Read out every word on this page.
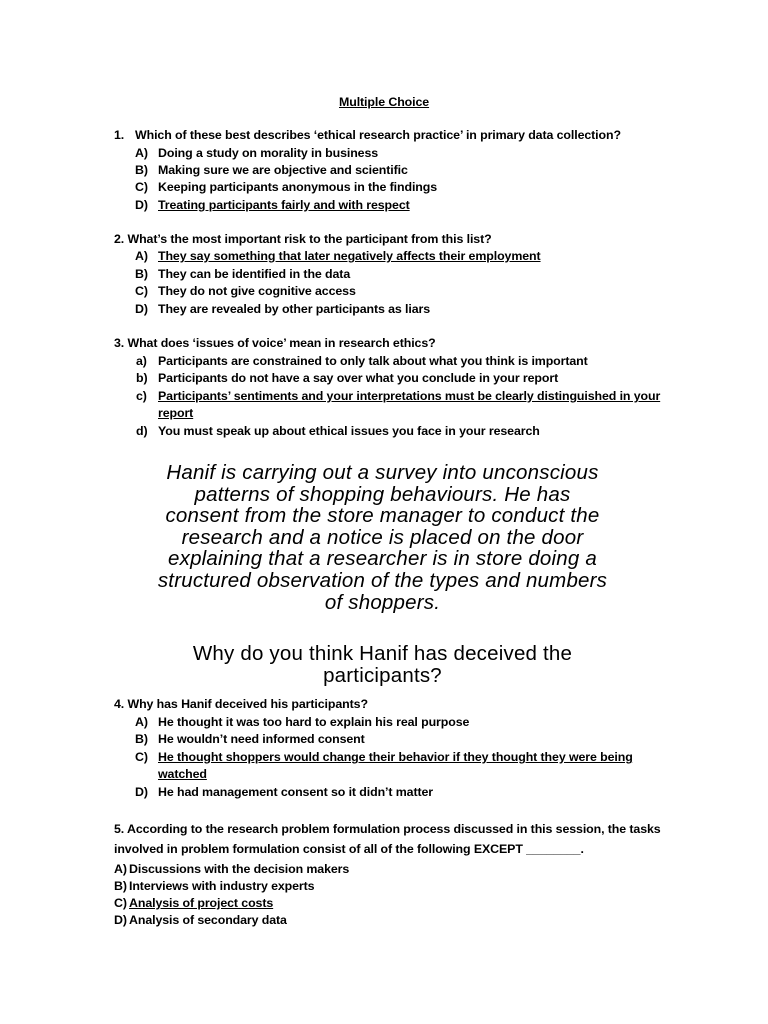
Multiple Choice
1. Which of these best describes ‘ethical research practice’ in primary data collection?
A) Doing a study on morality in business
B) Making sure we are objective and scientific
C) Keeping participants anonymous in the findings
D) Treating participants fairly and with respect
2. What’s the most important risk to the participant from this list?
A) They say something that later negatively affects their employment
B) They can be identified in the data
C) They do not give cognitive access
D) They are revealed by other participants as liars
3. What does ‘issues of voice’ mean in research ethics?
a) Participants are constrained to only talk about what you think is important
b) Participants do not have a say over what you conclude in your report
c) Participants’ sentiments and your interpretations must be clearly distinguished in your
report
d) You must speak up about ethical issues you face in your research
Hanif is carrying out a survey into unconscious
patterns of shopping behaviours. He has
consent from the store manager to conduct the
research and a notice is placed on the door
explaining that a researcher is in store doing a
structured observation of the types and numbers
of shoppers.
Why do you think Hanif has deceived the
participants?
4. Why has Hanif deceived his participants?
A) He thought it was too hard to explain his real purpose
B) He wouldn’t need informed consent
C) He thought shoppers would change their behavior if they thought they were being
watched
D) He had management consent so it didn’t matter
5. According to the research problem formulation process discussed in this session, the tasks
involved in problem formulation consist of all of the following EXCEPT ________.
A) Discussions with the decision makers
B) Interviews with industry experts
C) Analysis of project costs
D) Analysis of secondary data
